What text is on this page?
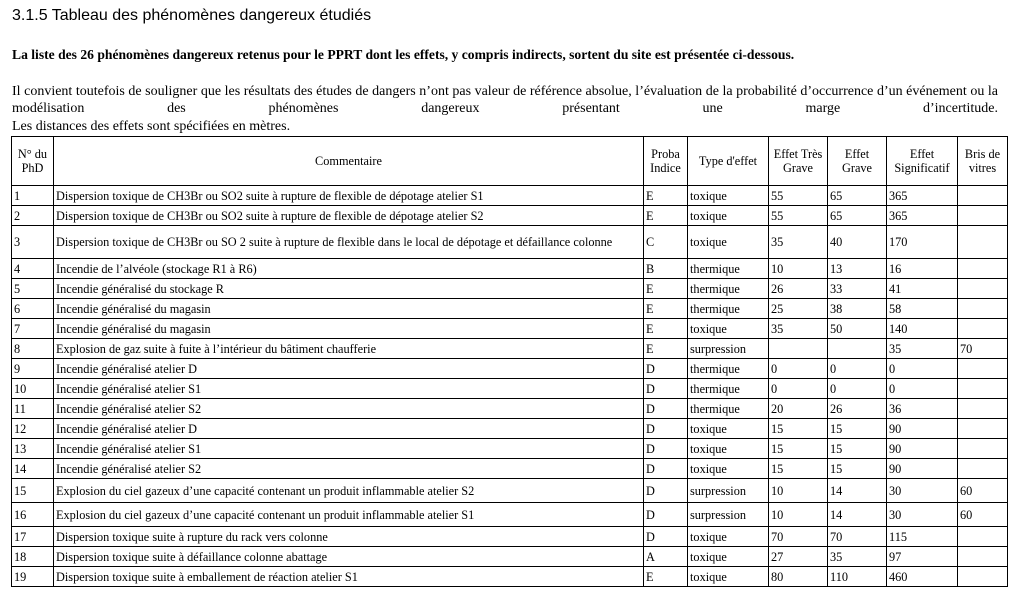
3.1.5 Tableau des phénomènes dangereux étudiés
La liste des 26 phénomènes dangereux retenus pour le PPRT dont les effets, y compris indirects, sortent du site est présentée ci-dessous.
Il convient toutefois de souligner que les résultats des études de dangers n’ont pas valeur de référence absolue, l’évaluation de la probabilité d’occurrence d’un événement ou la modélisation des phénomènes dangereux présentant une marge d’incertitude.
Les distances des effets sont spécifiées en mètres.
N° du PhD	Commentaire	Proba Indice	Type d'effet	Effet Très Grave	Effet Grave	Effet Significatif	Bris de vitres
1	Dispersion toxique de CH3Br ou SO2 suite à rupture de flexible de dépotage atelier S1	E	toxique	55	65	365	
2	Dispersion toxique de CH3Br ou SO2 suite à rupture de flexible de dépotage atelier S2	E	toxique	55	65	365	
3	Dispersion toxique de CH3Br ou SO 2 suite à rupture de flexible dans le local de dépotage et défaillance colonne	C	toxique	35	40	170	
4	Incendie de l’alvéole (stockage R1 à R6)	B	thermique	10	13	16	
5	Incendie généralisé du stockage R	E	thermique	26	33	41	
6	Incendie généralisé du magasin	E	thermique	25	38	58	
7	Incendie généralisé du magasin	E	toxique	35	50	140	
8	Explosion de gaz suite à fuite à l’intérieur du bâtiment chaufferie	E	surpression			35	70
9	Incendie généralisé atelier D	D	thermique	0	0	0	
10	Incendie généralisé atelier S1	D	thermique	0	0	0	
11	Incendie généralisé atelier S2	D	thermique	20	26	36	
12	Incendie généralisé atelier D	D	toxique	15	15	90	
13	Incendie généralisé atelier S1	D	toxique	15	15	90	
14	Incendie généralisé atelier S2	D	toxique	15	15	90	
15	Explosion du ciel gazeux d’une capacité contenant un produit inflammable atelier S2	D	surpression	10	14	30	60
16	Explosion du ciel gazeux d’une capacité contenant un produit inflammable atelier S1	D	surpression	10	14	30	60
17	Dispersion toxique suite à rupture du rack vers colonne	D	toxique	70	70	115	
18	Dispersion toxique suite à défaillance colonne abattage	A	toxique	27	35	97	
19	Dispersion toxique suite à emballement de réaction atelier S1	E	toxique	80	110	460	
